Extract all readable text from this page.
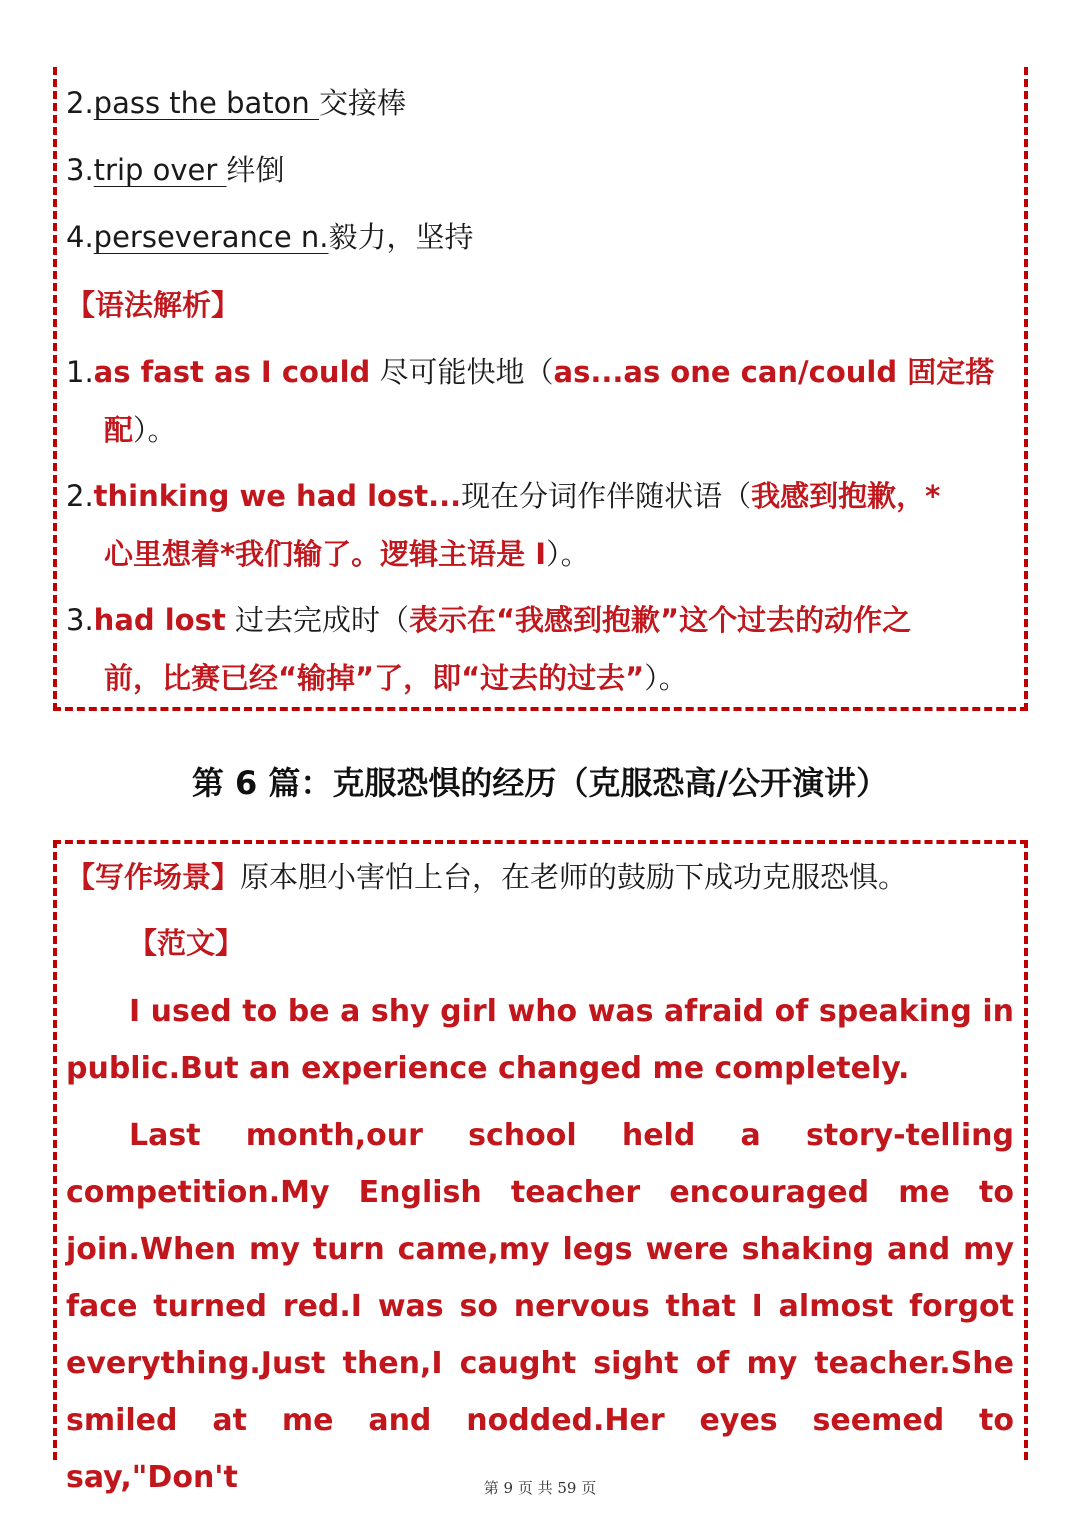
2.pass the baton 交接棒
3.trip over 绊倒
4.perseverance n.毅力，坚持
【语法解析】
1.as fast as I could 尽可能快地（as...as one can/could 固定搭
配）。
2.thinking we had lost...现在分词作伴随状语（我感到抱歉，*
心里想着*我们输了。逻辑主语是 I）。
3.had lost 过去完成时（表示在“我感到抱歉”这个过去的动作之
前，比赛已经“输掉”了，即“过去的过去”）。
第 6 篇：克服恐惧的经历（克服恐高/公开演讲）
【写作场景】原本胆小害怕上台，在老师的鼓励下成功克服恐惧。
【范文】

I used to be a shy girl who was afraid of speaking in public.But an experience changed me completely.

Last month,our school held a story-telling competition.My English teacher encouraged me to join.When my turn came,my legs were shaking and my face turned red.I was so nervous that I almost forgot everything.Just then,I caught sight of my teacher.She smiled at me and nodded.Her eyes seemed to say,"Don't	第 9 页 共 59 页
